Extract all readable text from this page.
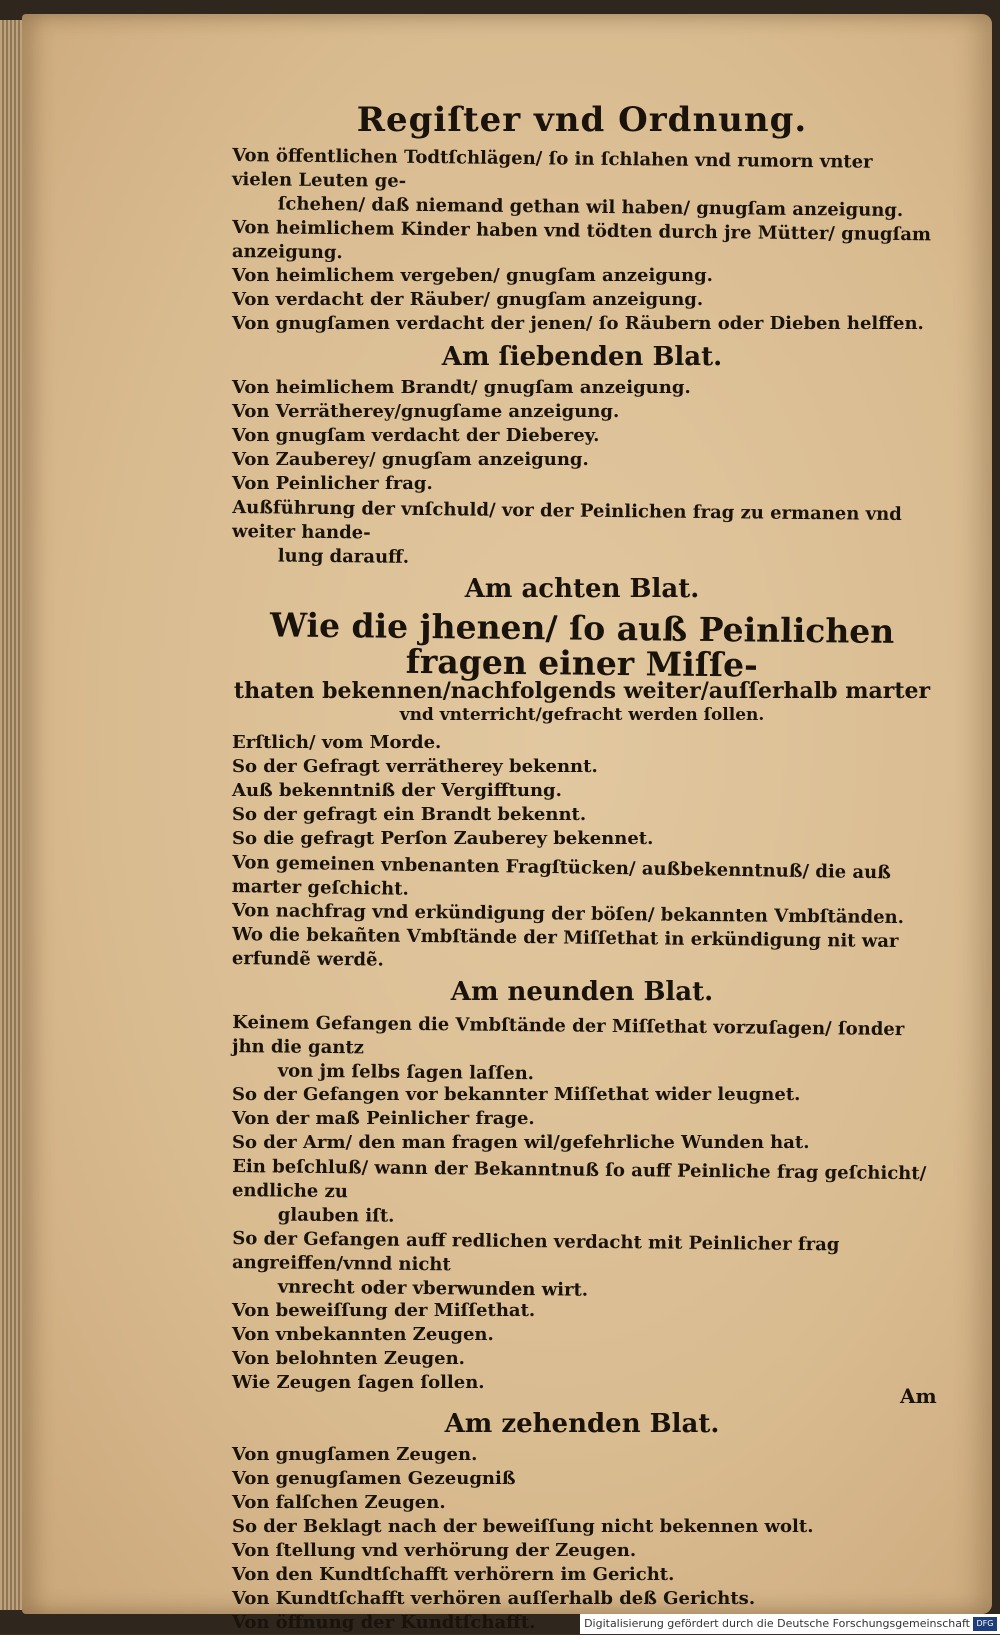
Regiſter vnd Ordnung.

Von öffentlichen Todtſchlägen/ ſo in ſchlahen vnd rumorn vnter vielen Leuten ge-
ſchehen/ daß niemand gethan wil haben/ gnugſam anzeigung.

Von heimlichem Kinder haben vnd tödten durch jre Mütter/ gnugſam anzeigung.

Von heimlichem vergeben/ gnugſam anzeigung.

Von verdacht der Räuber/ gnugſam anzeigung.

Von gnugſamen verdacht der jenen/ ſo Räubern oder Dieben helffen.

Am ſiebenden Blat.

Von heimlichem Brandt/ gnugſam anzeigung.

Von Verrätherey/gnugſame anzeigung.

Von gnugſam verdacht der Dieberey.

Von Zauberey/ gnugſam anzeigung.

Von Peinlicher frag.

Außführung der vnſchuld/ vor der Peinlichen frag zu ermanen vnd weiter hande-
lung darauff.

Am achten Blat.
Wie die jhenen/ ſo auß Peinlichen fragen einer Miſſe-
thaten bekennen/nachfolgends weiter/auſſerhalb marter
vnd vnterricht/gefracht werden ſollen.

Erſtlich/ vom Morde.

So der Gefragt verrätherey bekennt.

Auß bekenntniß der Vergifftung.

So der gefragt ein Brandt bekennt.

So die gefragt Perſon Zauberey bekennet.

Von gemeinen vnbenanten Fragſtücken/ außbekenntnuß/ die auß marter geſchicht.

Von nachfrag vnd erkündigung der böſen/ bekannten Vmbſtänden.

Wo die bekañten Vmbſtände der Miſſethat in erkündigung nit war erfundẽ werdẽ.

Am neunden Blat.

Keinem Gefangen die Vmbſtände der Miſſethat vorzuſagen/ ſonder jhn die gantz
von jm ſelbs ſagen laſſen.

So der Gefangen vor bekannter Miſſethat wider leugnet.

Von der maß Peinlicher frage.

So der Arm/ den man fragen wil/gefehrliche Wunden hat.

Ein beſchluß/ wann der Bekanntnuß ſo auff Peinliche frag geſchicht/ endliche zu
glauben iſt.

So der Gefangen auff redlichen verdacht mit Peinlicher frag angreiffen/vnnd nicht
vnrecht oder vberwunden wirt.

Von beweiſſung der Miſſethat.

Von vnbekannten Zeugen.

Von belohnten Zeugen.

Wie Zeugen ſagen ſollen.

Am zehenden Blat.

Von gnugſamen Zeugen.

Von genugſamen Gezeugniß

Von falſchen Zeugen.

So der Beklagt nach der beweiſſung nicht bekennen wolt.

Von ſtellung vnd verhörung der Zeugen.

Von den Kundtſchafft verhörern im Gericht.

Von Kundtſchafft verhören auſſerhalb deß Gerichts.

Von öffnung der Kundtſchafft.

Am
Digitalisierung gefördert durch die Deutsche Forschungsgemeinschaft DFG
